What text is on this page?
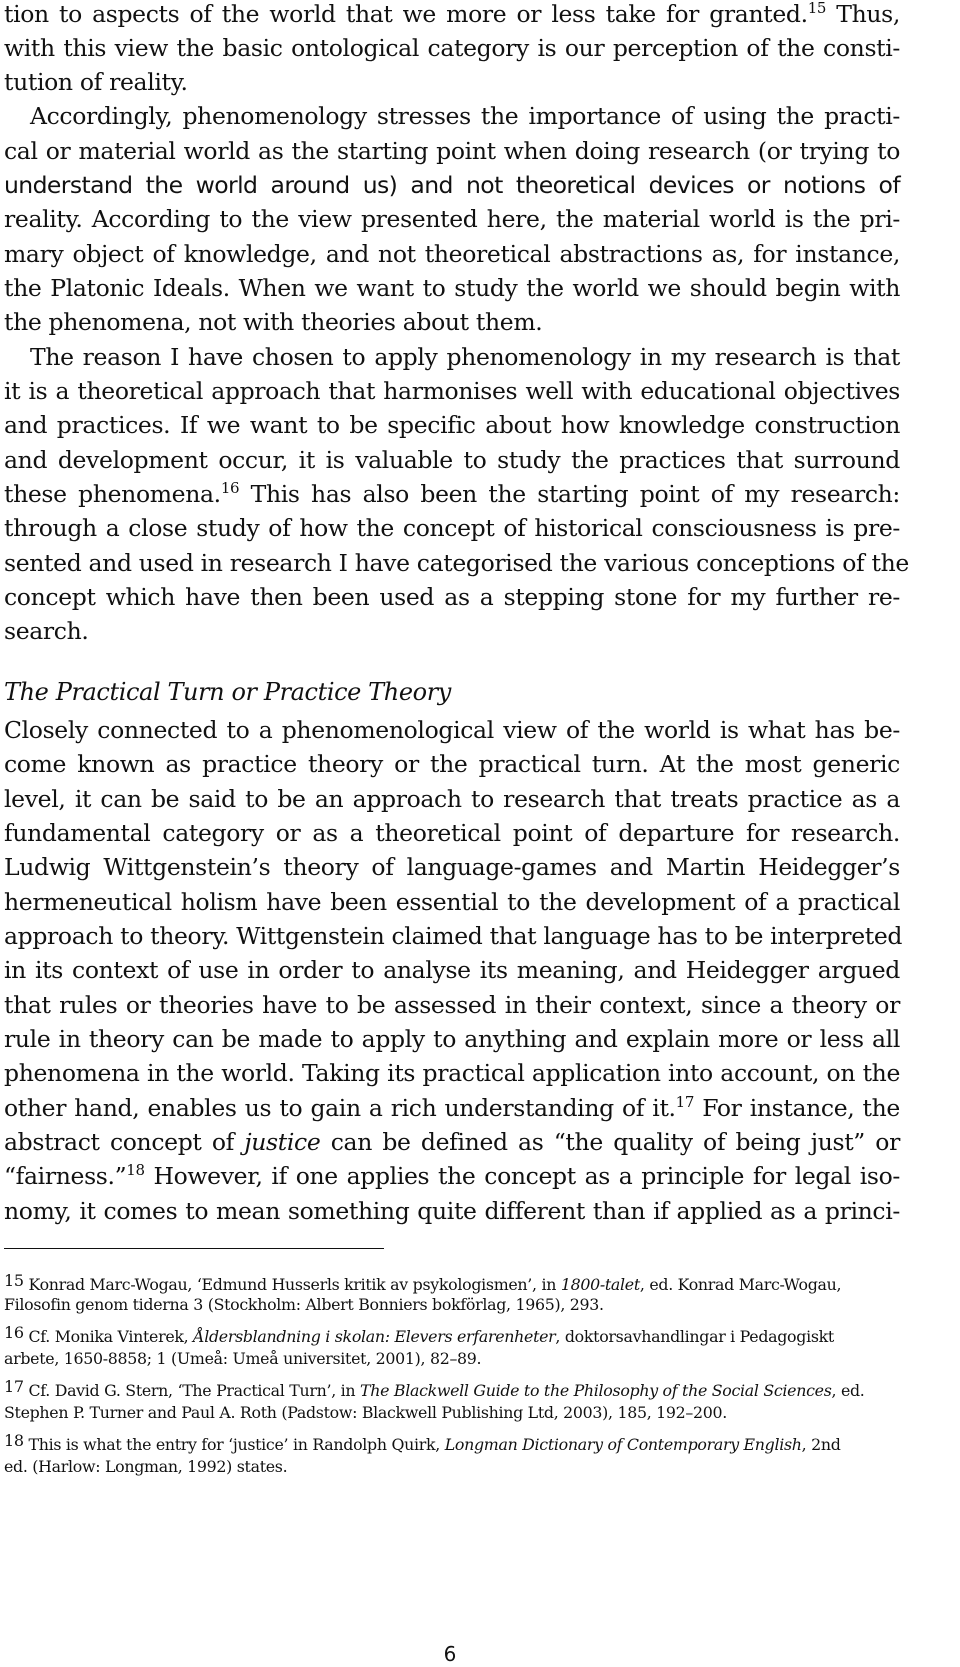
tion to aspects of the world that we more or less take for granted.$^{15}$ Thus,
with this view the basic ontological category is our perception of the consti-
tution of reality.
Accordingly, phenomenology stresses the importance of using the practi-
cal or material world as the starting point when doing research (or trying to
understand the world around us) and not theoretical devices or notions of
reality. According to the view presented here, the material world is the pri-
mary object of knowledge, and not theoretical abstractions as, for instance,
the Platonic Ideals. When we want to study the world we should begin with
the phenomena, not with theories about them.
The reason I have chosen to apply phenomenology in my research is that
it is a theoretical approach that harmonises well with educational objectives
and practices. If we want to be specific about how knowledge construction
and development occur, it is valuable to study the practices that surround
these phenomena.$^{16}$ This has also been the starting point of my research:
through a close study of how the concept of historical consciousness is pre-
sented and used in research I have categorised the various conceptions of the
concept which have then been used as a stepping stone for my further re-
search.
The Practical Turn or Practice Theory
Closely connected to a phenomenological view of the world is what has be-
come known as practice theory or the practical turn. At the most generic
level, it can be said to be an approach to research that treats practice as a
fundamental category or as a theoretical point of departure for research.
Ludwig Wittgenstein’s theory of language-games and Martin Heidegger’s
hermeneutical holism have been essential to the development of a practical
approach to theory. Wittgenstein claimed that language has to be interpreted
in its context of use in order to analyse its meaning, and Heidegger argued
that rules or theories have to be assessed in their context, since a theory or
rule in theory can be made to apply to anything and explain more or less all
phenomena in the world. Taking its practical application into account, on the
other hand, enables us to gain a rich understanding of it.$^{17}$ For instance, the
abstract concept of justice can be defined as “the quality of being just” or
“fairness.”$^{18}$ However, if one applies the concept as a principle for legal iso-
nomy, it comes to mean something quite different than if applied as a princi-
15 Konrad Marc-Wogau, ‘Edmund Husserls kritik av psykologismen’, in 1800-talet, ed. Konrad Marc-Wogau,
Filosofin genom tiderna 3 (Stockholm: Albert Bonniers bokförlag, 1965), 293.
16 Cf. Monika Vinterek, Åldersblandning i skolan: Elevers erfarenheter, doktorsavhandlingar i Pedagogiskt
arbete, 1650-8858; 1 (Umeå: Umeå universitet, 2001), 82–89.
17 Cf. David G. Stern, ‘The Practical Turn’, in The Blackwell Guide to the Philosophy of the Social Sciences, ed.
Stephen P. Turner and Paul A. Roth (Padstow: Blackwell Publishing Ltd, 2003), 185, 192–200.
18 This is what the entry for ‘justice’ in Randolph Quirk, Longman Dictionary of Contemporary English, 2nd
ed. (Harlow: Longman, 1992) states.
6
